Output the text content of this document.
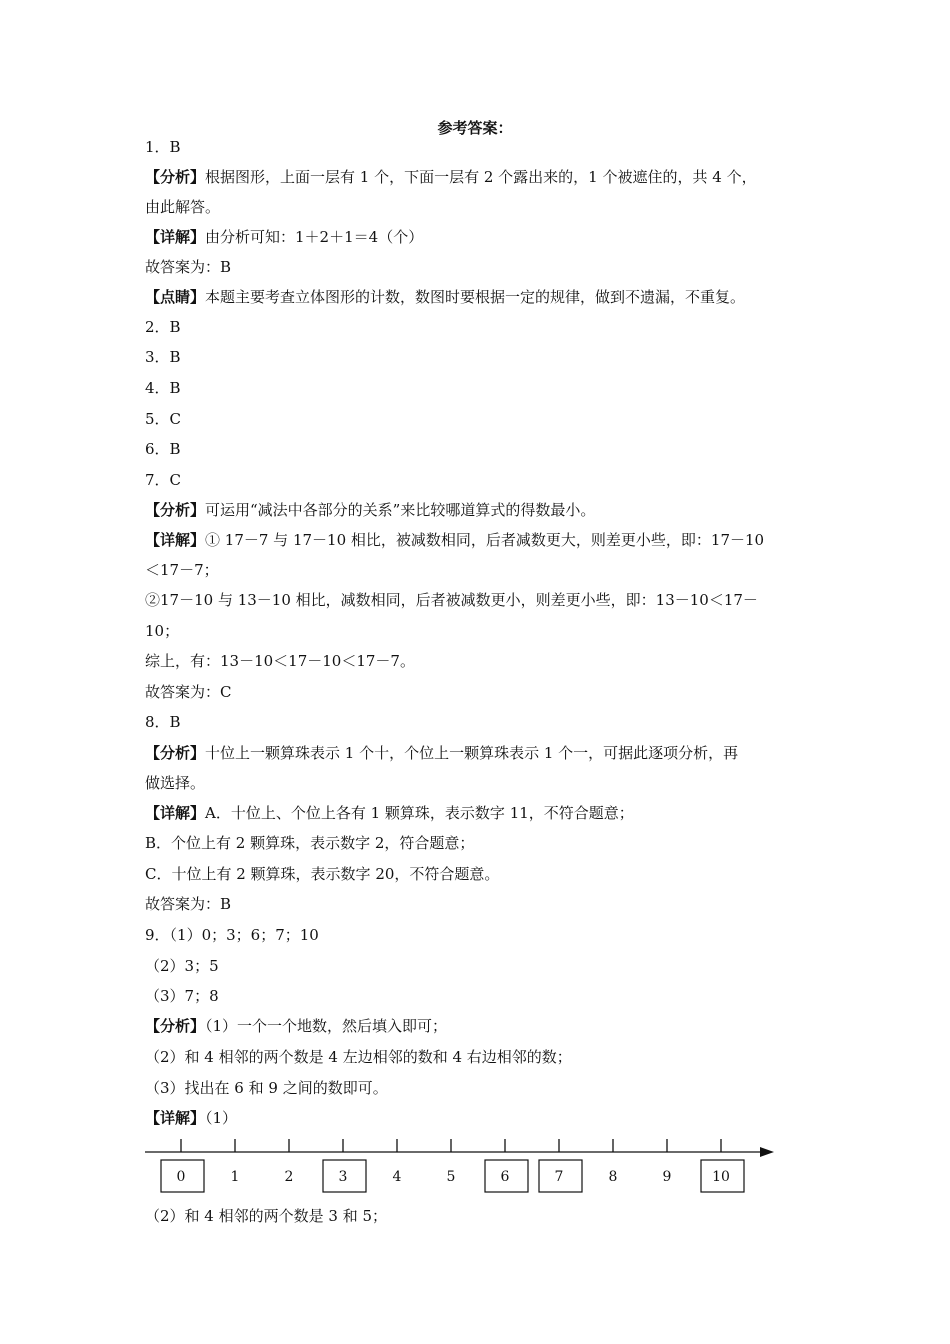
参考答案：
1．B
【分析】根据图形，上面一层有 1 个，下面一层有 2 个露出来的，1 个被遮住的，共 4 个，
由此解答。
【详解】由分析可知：1＋2＋1＝4（个）
故答案为：B
【点睛】本题主要考查立体图形的计数，数图时要根据一定的规律，做到不遗漏，不重复。
2．B
3．B
4．B
5．C
6．B
7．C
【分析】可运用“减法中各部分的关系”来比较哪道算式的得数最小。
【详解】① 17－7 与 17－10 相比，被减数相同，后者减数更大，则差更小些，即：17－10
＜17－7；
②17－10 与 13－10 相比，减数相同，后者被减数更小，则差更小些，即：13－10＜17－
10；
综上，有：13－10＜17－10＜17－7。
故答案为：C
8．B
【分析】十位上一颗算珠表示 1 个十，个位上一颗算珠表示 1 个一，可据此逐项分析，再
做选择。
【详解】A．十位上、个位上各有 1 颗算珠，表示数字 11，不符合题意；
B．个位上有 2 颗算珠，表示数字 2，符合题意；
C．十位上有 2 颗算珠，表示数字 20，不符合题意。
故答案为：B
9．（1）0；3；6；7；10
（2）3；5
（3）7；8
【分析】（1）一个一个地数，然后填入即可；
（2）和 4 相邻的两个数是 4 左边相邻的数和 4 右边相邻的数；
（3）找出在 6 和 9 之间的数即可。
【详解】（1）
（2）和 4 相邻的两个数是 3 和 5；
0	1	2	3	4	5	6	7	8	9	10
